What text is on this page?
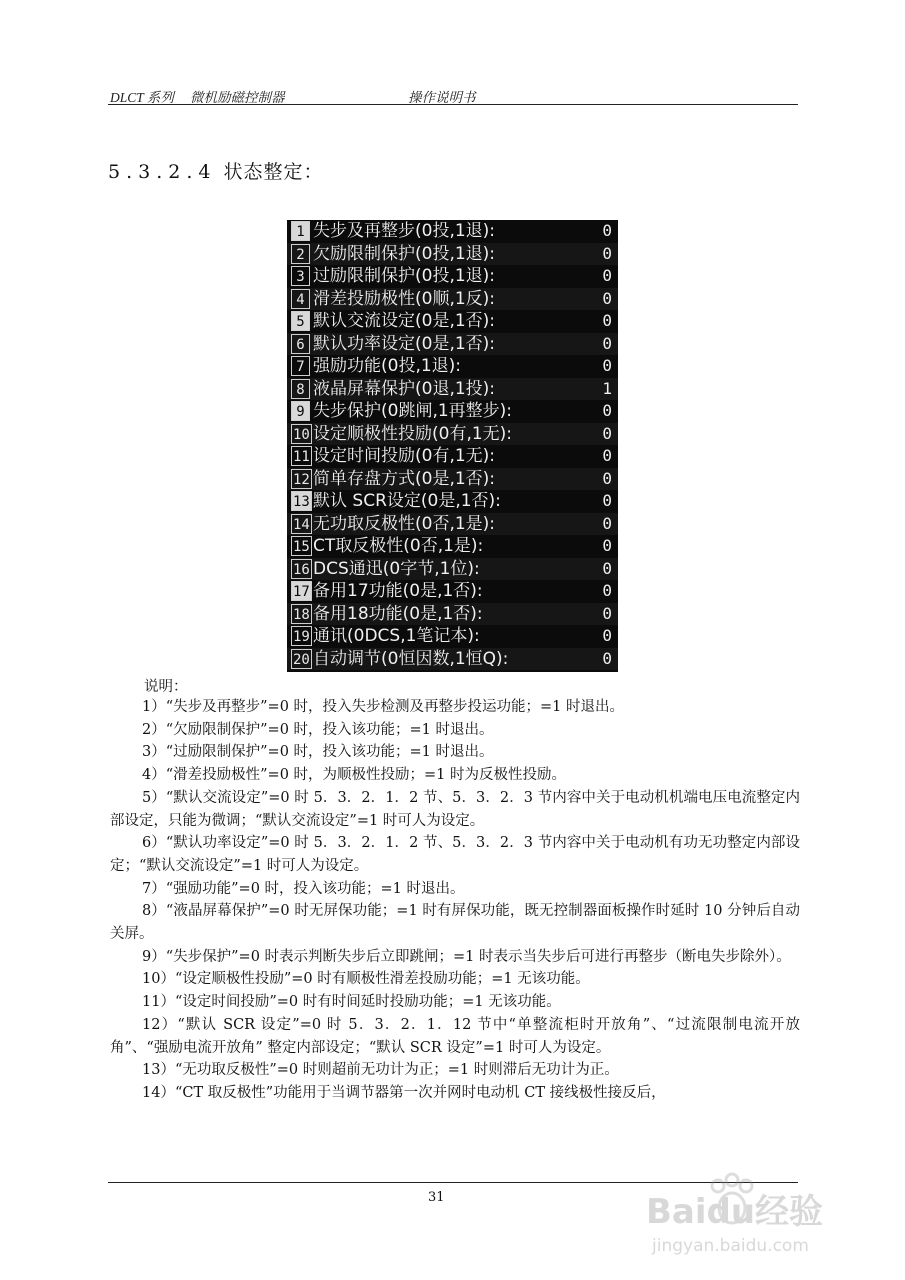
DLCT 系列 微机励磁控制器	操作说明书
5.3.2.4 状态整定：
1 失步及再整步(0投,1退):	0
2 欠励限制保护(0投,1退):	0
3 过励限制保护(0投,1退):	0
4 滑差投励极性(0顺,1反):	0
5 默认交流设定(0是,1否):	0
6 默认功率设定(0是,1否):	0
7 强励功能(0投,1退):	0
8 液晶屏幕保护(0退,1投):	1
9 失步保护(0跳闸,1再整步):	0
10 设定顺极性投励(0有,1无):	0
11 设定时间投励(0有,1无):	0
12 简单存盘方式(0是,1否):	0
13 默认 SCR设定(0是,1否):	0
14 无功取反极性(0否,1是):	0
15 CT取反极性(0否,1是):	0
16 DCS通迅(0字节,1位):	0
17 备用17功能(0是,1否):	0
18 备用18功能(0是,1否):	0
19 通讯(0DCS,1笔记本):	0
20 自动调节(0恒因数,1恒Q):	0
说明：

1）“失步及再整步”=0 时，投入失步检测及再整步投运功能；=1 时退出。

2）“欠励限制保护”=0 时，投入该功能；=1 时退出。

3）“过励限制保护”=0 时，投入该功能；=1 时退出。

4）“滑差投励极性”=0 时，为顺极性投励；=1 时为反极性投励。

5）“默认交流设定”=0 时 5．3．2．1．2 节、5．3．2．3 节内容中关于电动机机端电压电流整定内部设定，只能为微调；“默认交流设定”=1 时可人为设定。

6）“默认功率设定”=0 时 5．3．2．1．2 节、5．3．2．3 节内容中关于电动机有功无功整定内部设定；“默认交流设定”=1 时可人为设定。

7）“强励功能”=0 时，投入该功能；=1 时退出。

8）“液晶屏幕保护”=0 时无屏保功能；=1 时有屏保功能，既无控制器面板操作时延时 10 分钟后自动关屏。

9）“失步保护”=0 时表示判断失步后立即跳闸；=1 时表示当失步后可进行再整步（断电失步除外）。

10）“设定顺极性投励”=0 时有顺极性滑差投励功能；=1 无该功能。

11）“设定时间投励”=0 时有时间延时投励功能；=1 无该功能。

12）“默认 SCR 设定”=0 时 5．3．2．1．12 节中“单整流柜时开放角”、“过流限制电流开放角”、“强励电流开放角” 整定内部设定；“默认 SCR 设定”=1 时可人为设定。

13）“无功取反极性”=0 时则超前无功计为正；=1 时则滞后无功计为正。

14）“CT 取反极性”功能用于当调节器第一次并网时电动机 CT 接线极性接反后，

31	Baidu经验
jingyan.baidu.com
